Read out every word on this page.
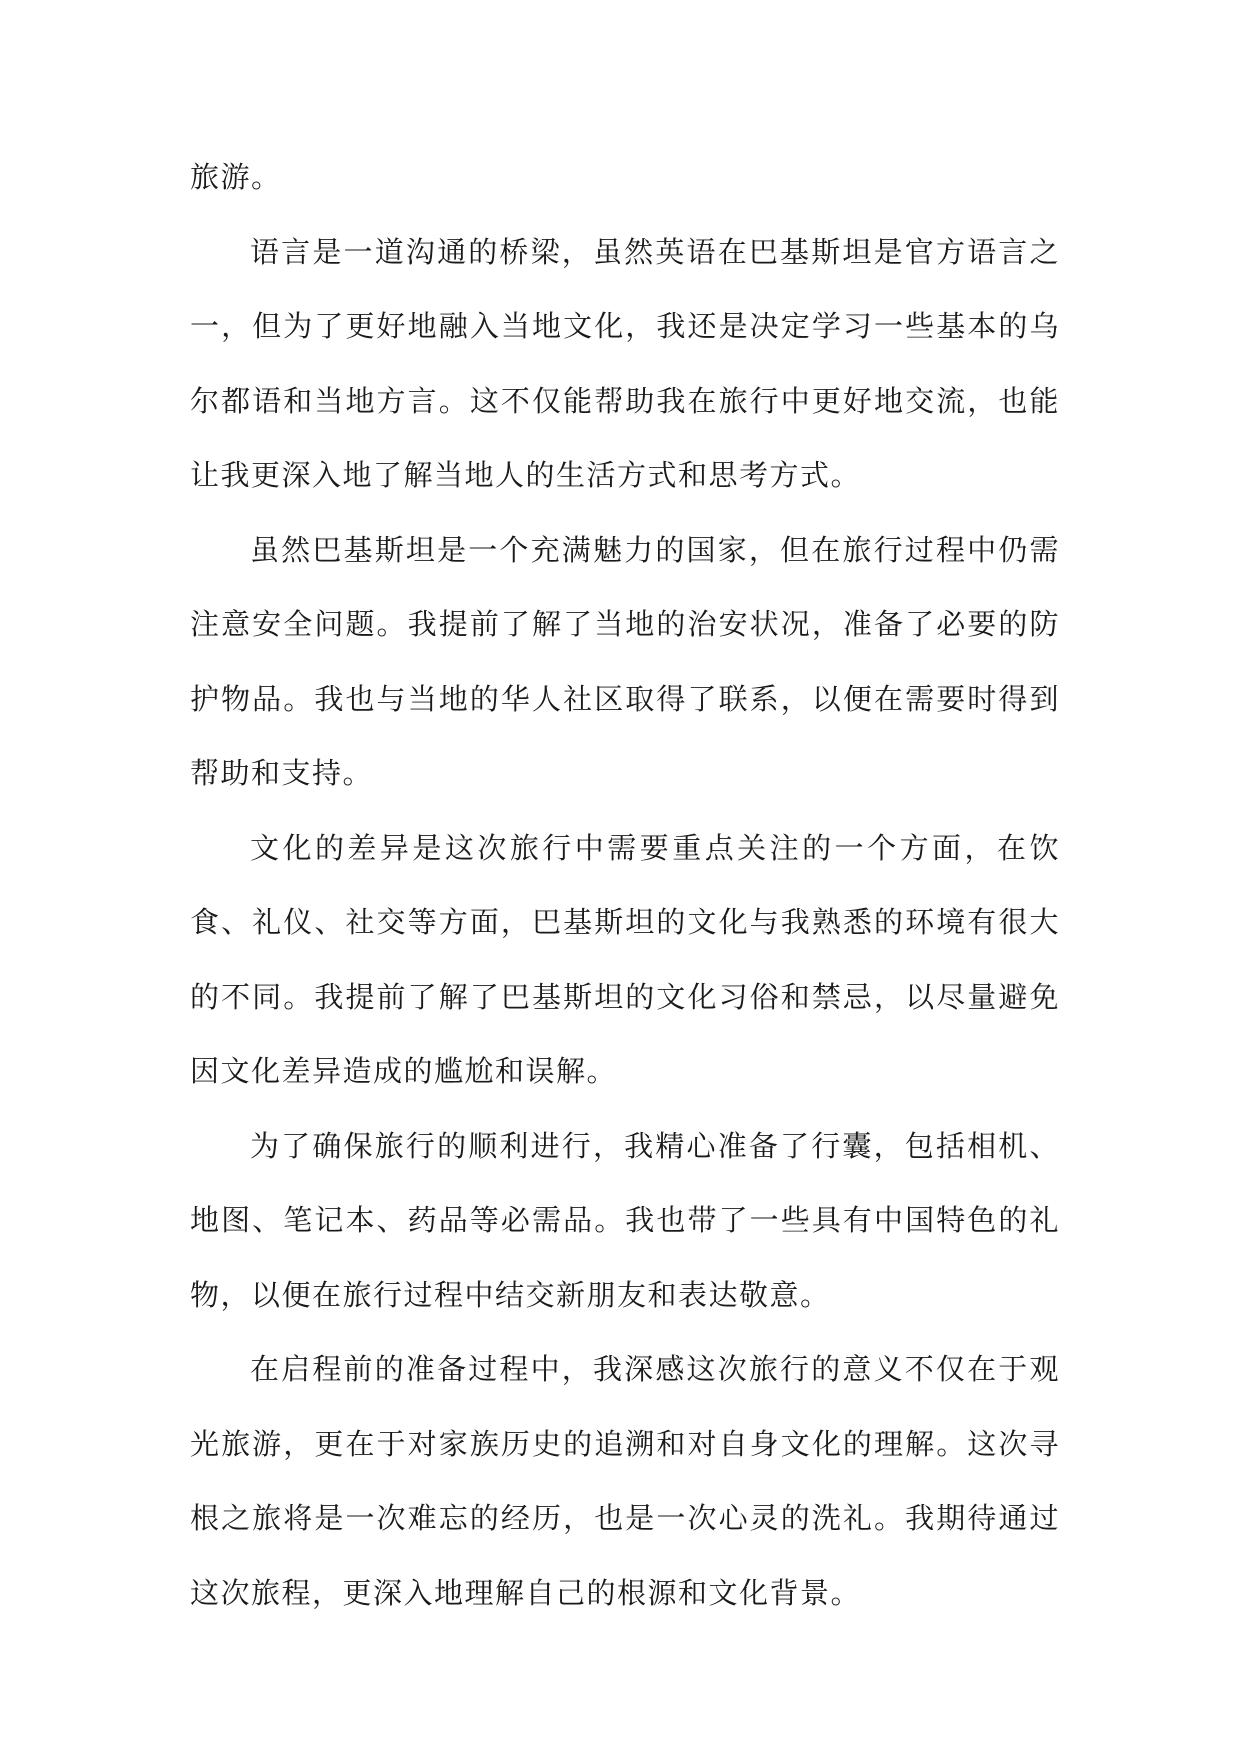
旅游。

语言是一道沟通的桥梁，虽然英语在巴基斯坦是官方语言之一，但为了更好地融入当地文化，我还是决定学习一些基本的乌尔都语和当地方言。这不仅能帮助我在旅行中更好地交流，也能让我更深入地了解当地人的生活方式和思考方式。

虽然巴基斯坦是一个充满魅力的国家，但在旅行过程中仍需注意安全问题。我提前了解了当地的治安状况，准备了必要的防护物品。我也与当地的华人社区取得了联系，以便在需要时得到帮助和支持。

文化的差异是这次旅行中需要重点关注的一个方面，在饮食、礼仪、社交等方面，巴基斯坦的文化与我熟悉的环境有很大的不同。我提前了解了巴基斯坦的文化习俗和禁忌，以尽量避免因文化差异造成的尴尬和误解。

为了确保旅行的顺利进行，我精心准备了行囊，包括相机、地图、笔记本、药品等必需品。我也带了一些具有中国特色的礼物，以便在旅行过程中结交新朋友和表达敬意。

在启程前的准备过程中，我深感这次旅行的意义不仅在于观光旅游，更在于对家族历史的追溯和对自身文化的理解。这次寻根之旅将是一次难忘的经历，也是一次心灵的洗礼。我期待通过这次旅程，更深入地理解自己的根源和文化背景。
